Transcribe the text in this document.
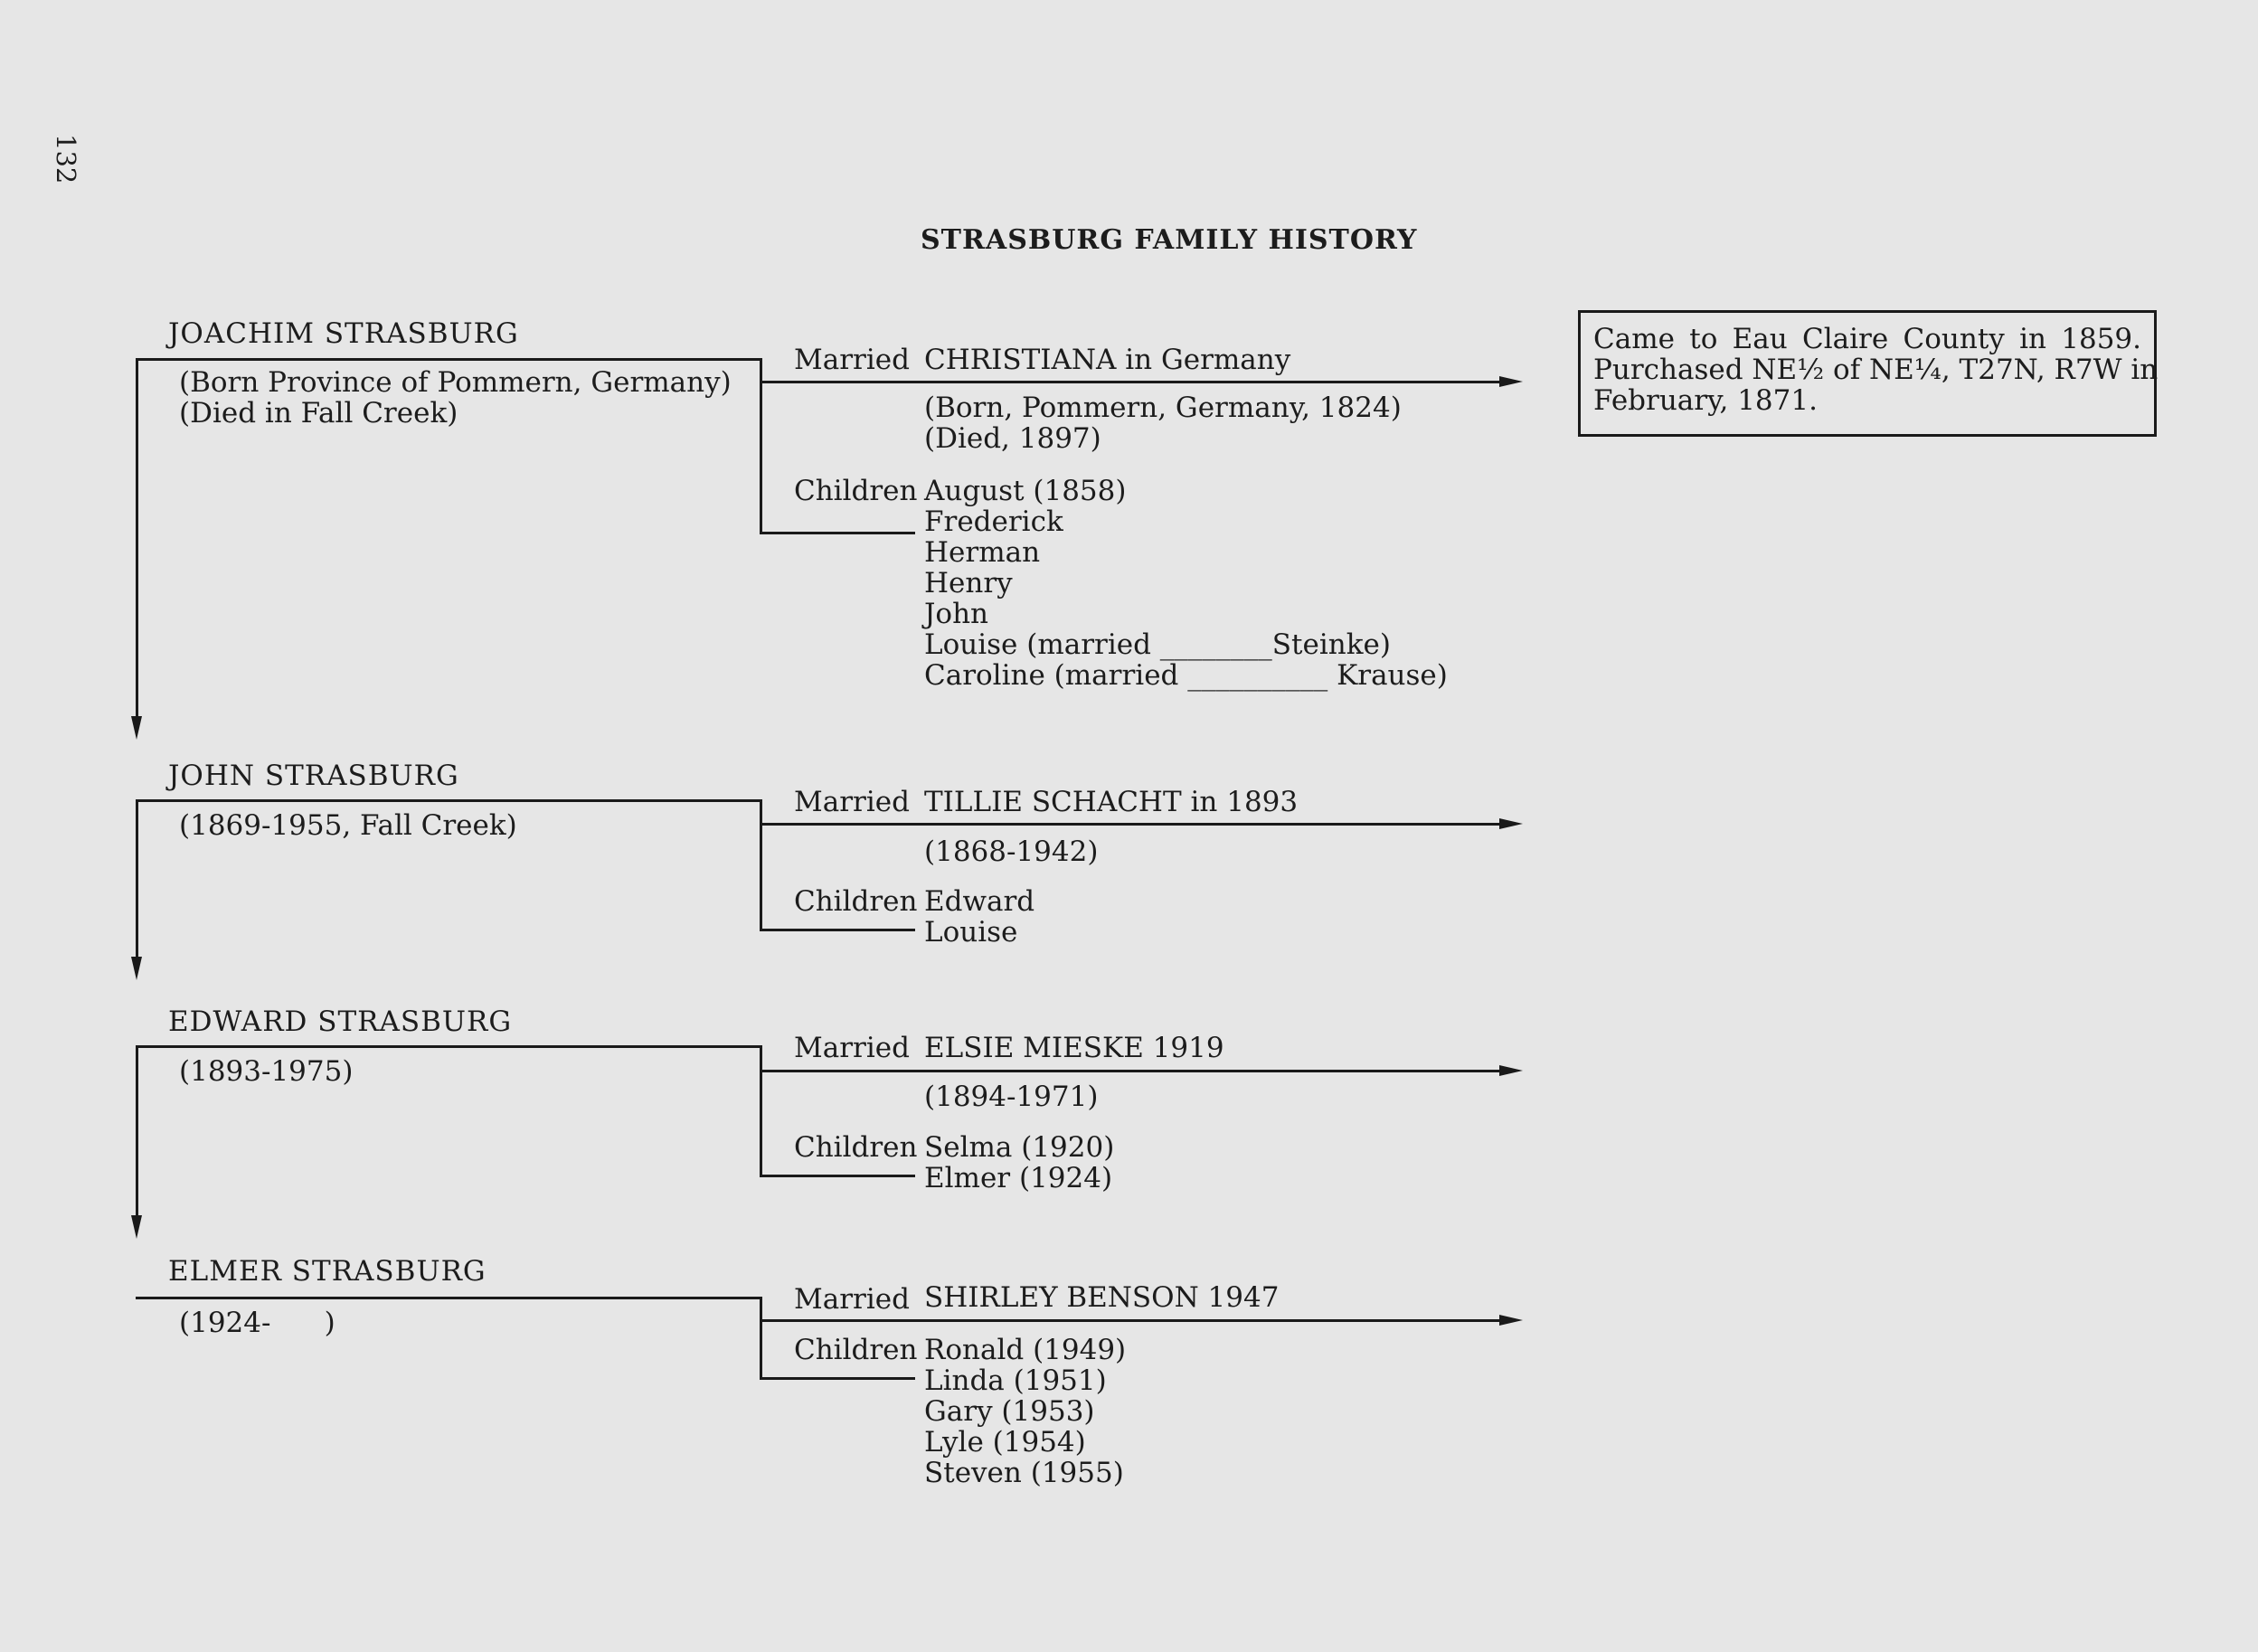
132
STRASBURG FAMILY HISTORY
Came to Eau Claire County in 1859.
Purchased NE½ of NE¼, T27N, R7W in
February, 1871.
JOACHIM STRASBURG
(Born Province of Pommern, Germany)
(Died in Fall Creek)
Married CHRISTIANA in Germany
(Born, Pommern, Germany, 1824)
(Died, 1897)
Children August (1858)
Frederick
Herman
Henry
John
Louise (married ________Steinke)
Caroline (married __________ Krause)
JOHN STRASBURG
(1869-1955, Fall Creek)
Married TILLIE SCHACHT in 1893
(1868-1942)
Children Edward
Louise
EDWARD STRASBURG
(1893-1975)
Married ELSIE MIESKE 1919
(1894-1971)
Children Selma (1920)
Elmer (1924)
ELMER STRASBURG
(1924-      )
Married SHIRLEY BENSON 1947
Children Ronald (1949)
Linda (1951)
Gary (1953)
Lyle (1954)
Steven (1955)
